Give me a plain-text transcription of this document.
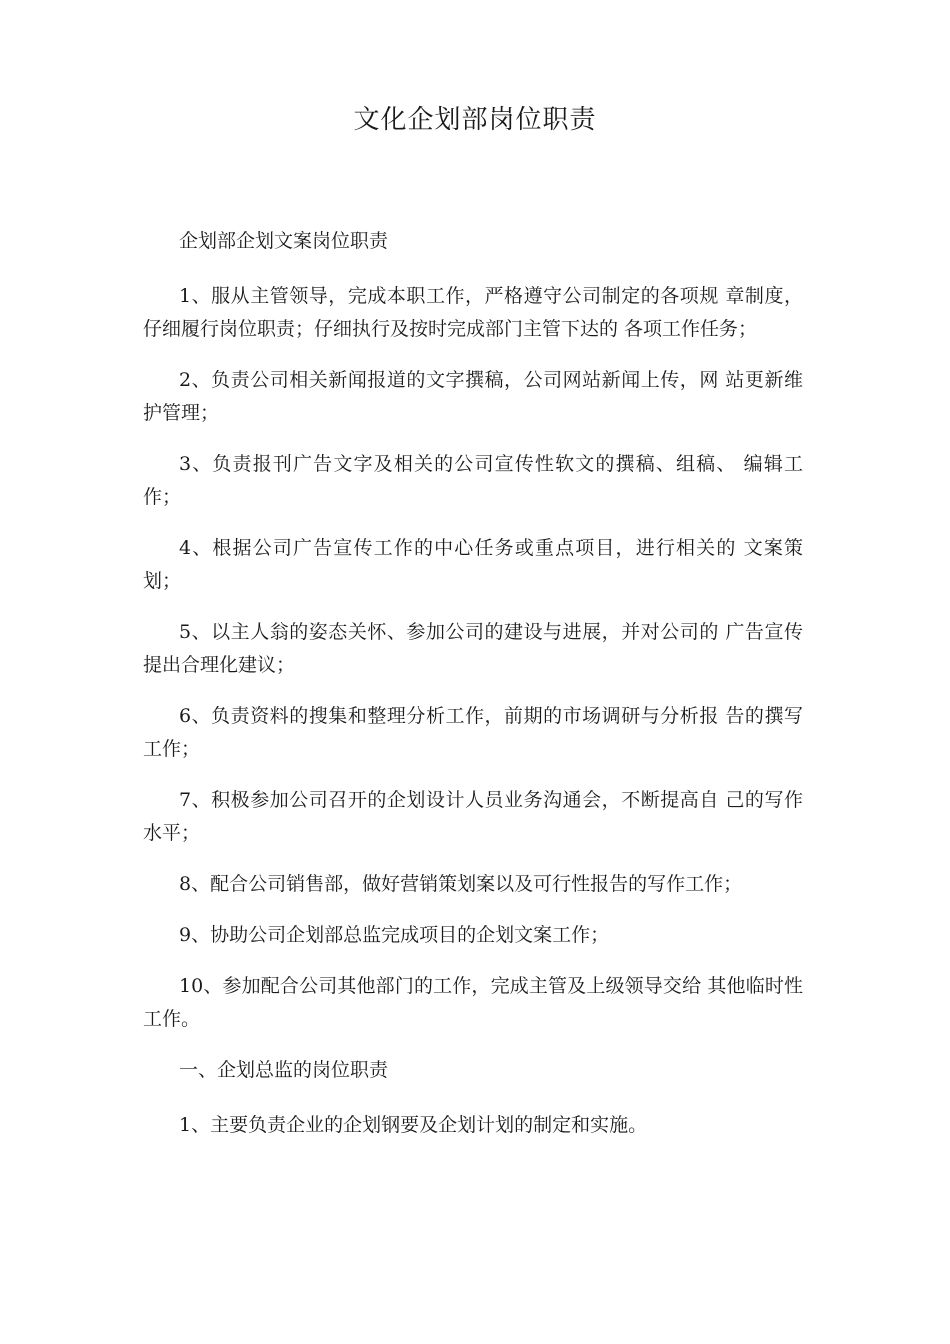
文化企划部岗位职责

企划部企划文案岗位职责

1、服从主管领导，完成本职工作，严格遵守公司制定的各项规 章制度，仔细履行岗位职责；仔细执行及按时完成部门主管下达的 各项工作任务；

2、负责公司相关新闻报道的文字撰稿，公司网站新闻上传，网 站更新维护管理；

3、负责报刊广告文字及相关的公司宣传性软文的撰稿、组稿、 编辑工作；

4、根据公司广告宣传工作的中心任务或重点项目，进行相关的 文案策划；

5、以主人翁的姿态关怀、参加公司的建设与进展，并对公司的 广告宣传提出合理化建议；

6、负责资料的搜集和整理分析工作，前期的市场调研与分析报 告的撰写工作；

7、积极参加公司召开的企划设计人员业务沟通会，不断提高自 己的写作水平；

8、配合公司销售部，做好营销策划案以及可行性报告的写作工作；

9、协助公司企划部总监完成项目的企划文案工作；

10、参加配合公司其他部门的工作，完成主管及上级领导交给 其他临时性工作。

一、企划总监的岗位职责

1、主要负责企业的企划钢要及企划计划的制定和实施。
